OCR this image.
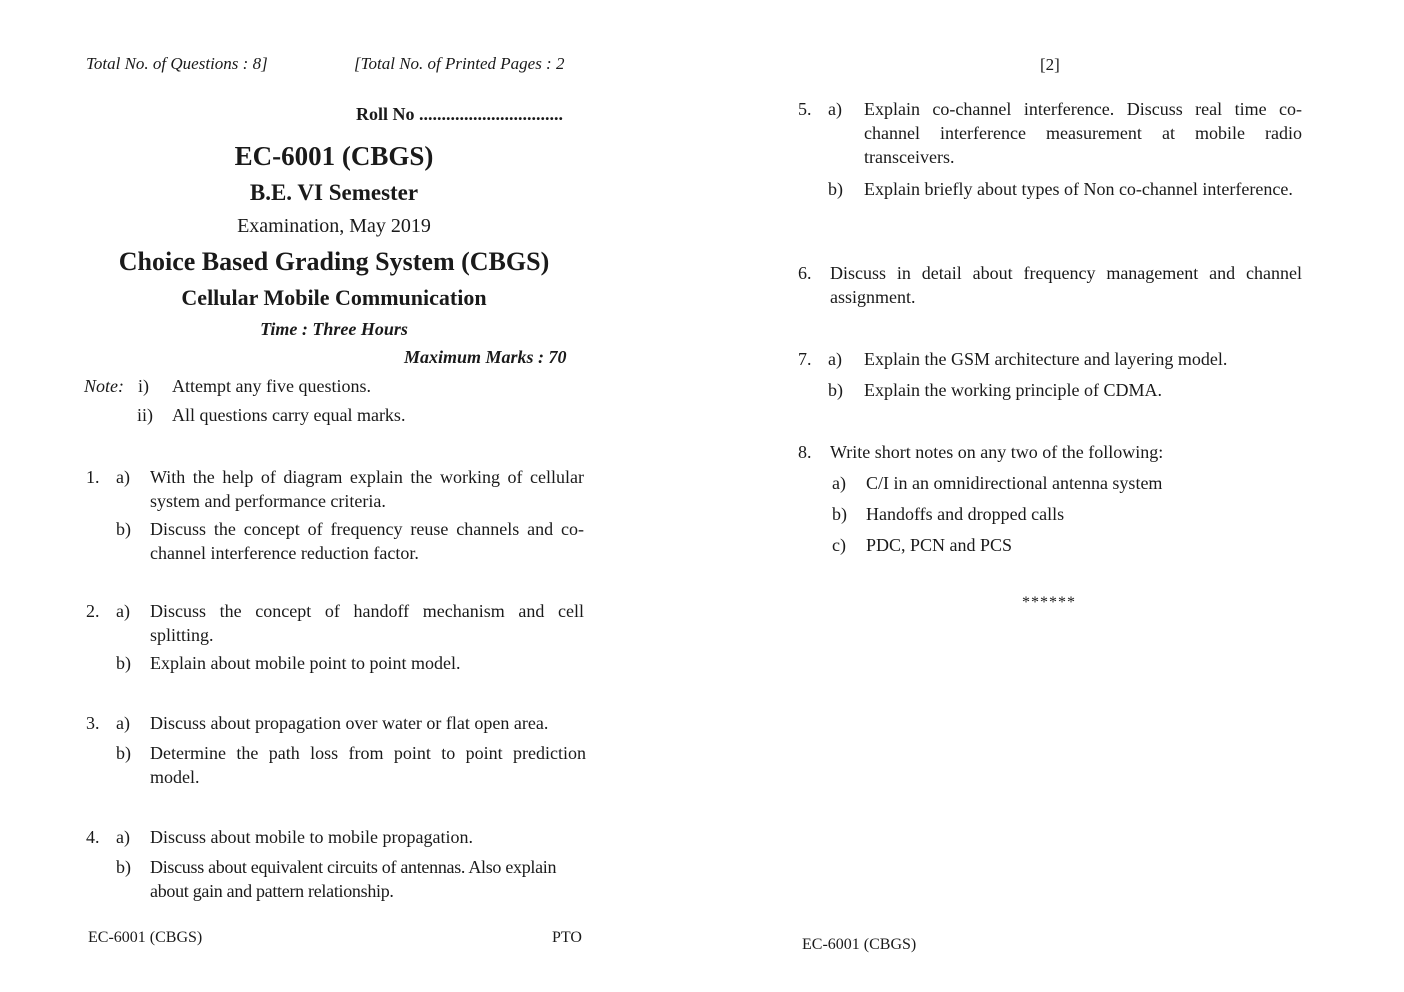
Total No. of Questions : 8]	[Total No. of Printed Pages : 2
Roll No ................................
EC-6001 (CBGS)
B.E. VI Semester
Examination, May 2019
Choice Based Grading System (CBGS)
Cellular Mobile Communication
Time : Three Hours
Maximum Marks : 70
Note: i) Attempt any five questions.
ii) All questions carry equal marks.
1. a) With the help of diagram explain the working of cellular system and performance criteria.
b) Discuss the concept of frequency reuse channels and co-channel interference reduction factor.
2. a) Discuss the concept of handoff mechanism and cell splitting.
b) Explain about mobile point to point model.
3. a) Discuss about propagation over water or flat open area.
b) Determine the path loss from point to point prediction model.
4. a) Discuss about mobile to mobile propagation.
b) Discuss about equivalent circuits of antennas. Also explain about gain and pattern relationship.
EC-6001 (CBGS)	PTO
[2]
5. a) Explain co-channel interference. Discuss real time co-channel interference measurement at mobile radio transceivers.
b) Explain briefly about types of Non co-channel interference.
6. Discuss in detail about frequency management and channel assignment.
7. a) Explain the GSM architecture and layering model.
b) Explain the working principle of CDMA.
8. Write short notes on any two of the following:
a) C/I in an omnidirectional antenna system
b) Handoffs and dropped calls
c) PDC, PCN and PCS
******
EC-6001 (CBGS)
